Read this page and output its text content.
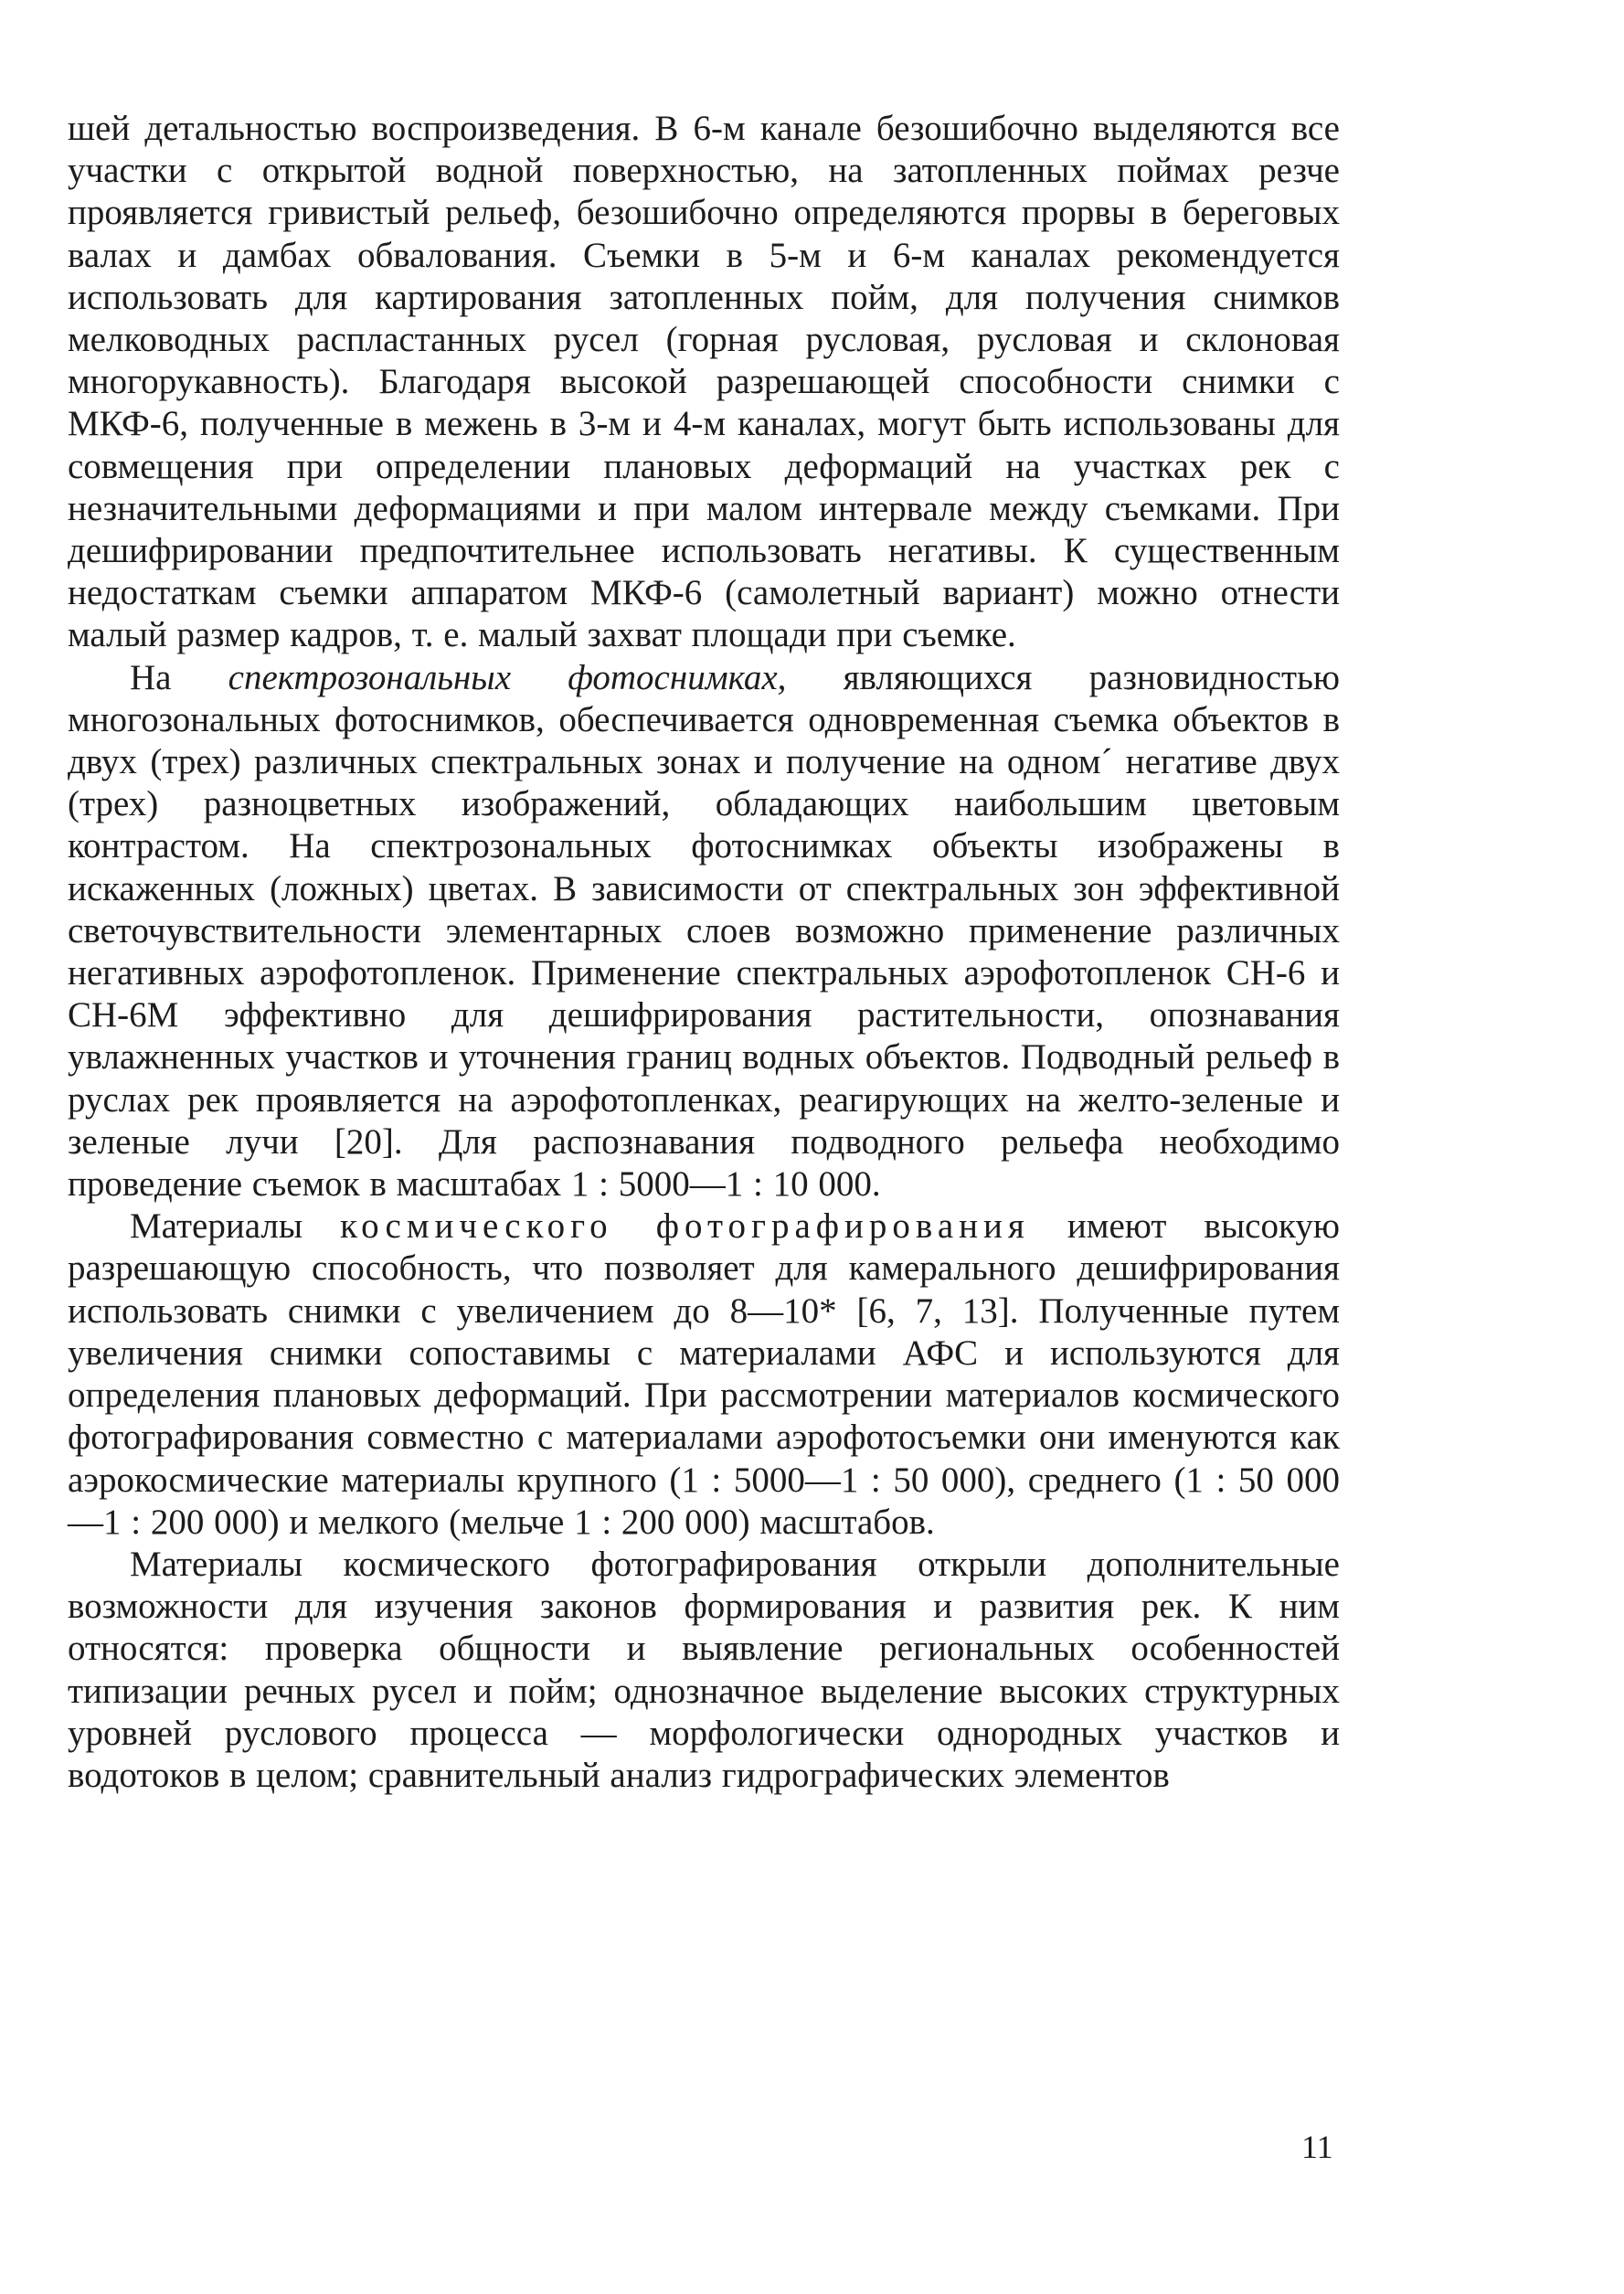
шей детальностью воспроизведения. В 6-м канале безошибочно выделяются все участки с открытой водной поверхностью, на затопленных поймах резче проявляется гривистый рельеф, безошибочно определяются прорвы в береговых валах и дамбах обвалования. Съемки в 5-м и 6-м каналах рекомендуется использовать для картирования затопленных пойм, для получения снимков мелководных распластанных русел (горная русловая, русловая и склоновая многорукавность). Благодаря высокой разрешающей способности снимки с МКФ-6, полученные в межень в 3-м и 4-м каналах, могут быть использованы для совмещения при определении плановых деформаций на участках рек с незначительными деформациями и при малом интервале между съемками. При дешифрировании предпочтительнее использовать негативы. К существенным недостаткам съемки аппаратом МКФ-6 (самолетный вариант) можно отнести малый размер кадров, т. е. малый захват площади при съемке.

На спектрозональных фотоснимках, являющихся разновидностью многозональных фотоснимков, обеспечивается одновременная съемка объектов в двух (трех) различных спектральных зонах и получение на одном´ негативе двух (трех) разноцветных изображений, обладающих наибольшим цветовым контрастом. На спектрозональных фотоснимках объекты изображены в искаженных (ложных) цветах. В зависимости от спектральных зон эффективной светочувствительности элементарных слоев возможно применение различных негативных аэрофотопленок. Применение спектральных аэрофотопленок СН-6 и СН-6М эффективно для дешифрирования растительности, опознавания увлажненных участков и уточнения границ водных объектов. Подводный рельеф в руслах рек проявляется на аэрофотопленках, реагирующих на желто-зеленые и зеленые лучи [20]. Для распознавания подводного рельефа необходимо проведение съемок в масштабах 1 : 5000—1 : 10 000.

Материалы космического фотографирования имеют высокую разрешающую способность, что позволяет для камерального дешифрирования использовать снимки с увеличением до 8—10* [6, 7, 13]. Полученные путем увеличения снимки сопоставимы с материалами АФС и используются для определения плановых деформаций. При рассмотрении материалов космического фотографирования совместно с материалами аэрофотосъемки они именуются как аэрокосмические материалы крупного (1 : 5000—1 : 50 000), среднего (1 : 50 000—1 : 200 000) и мелкого (мельче 1 : 200 000) масштабов.

Материалы космического фотографирования открыли дополнительные возможности для изучения законов формирования и развития рек. К ним относятся: проверка общности и выявление региональных особенностей типизации речных русел и пойм; однозначное выделение высоких структурных уровней руслового процесса — морфологически однородных участков и водотоков в целом; сравнительный анализ гидрографических элементов

11
